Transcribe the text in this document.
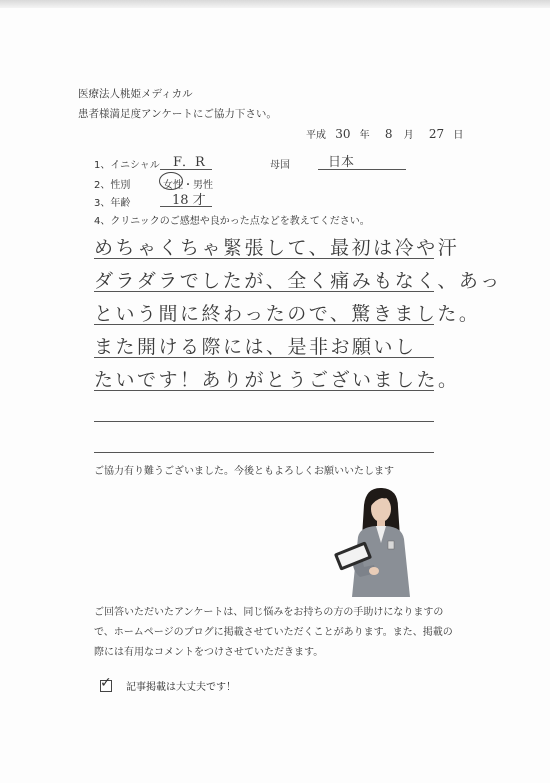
医療法人桃姫メディカル
患者様満足度アンケートにご協力下さい。
平成 30 年 8 月 27 日
1、イニシャル F．R	母国	日本
2、性別	女性・男性
3、年齢	18 才
4、クリニックのご感想や良かった点などを教えてください。
めちゃくちゃ緊張して、最初は冷や汗
ダラダラでしたが、全く痛みもなく、あっ
という間に終わったので、驚きました。
また開ける際には、是非お願いし
たいです！ありがとうございました。
ご協力有り難うございました。今後ともよろしくお願いいたします
ご回答いただいたアンケートは、同じ悩みをお持ちの方の手助けになりますので、ホームページのブログに掲載させていただくことがあります。また、掲載の際には有用なコメントをつけさせていただきます。
✓ 記事掲載は大丈夫です！
